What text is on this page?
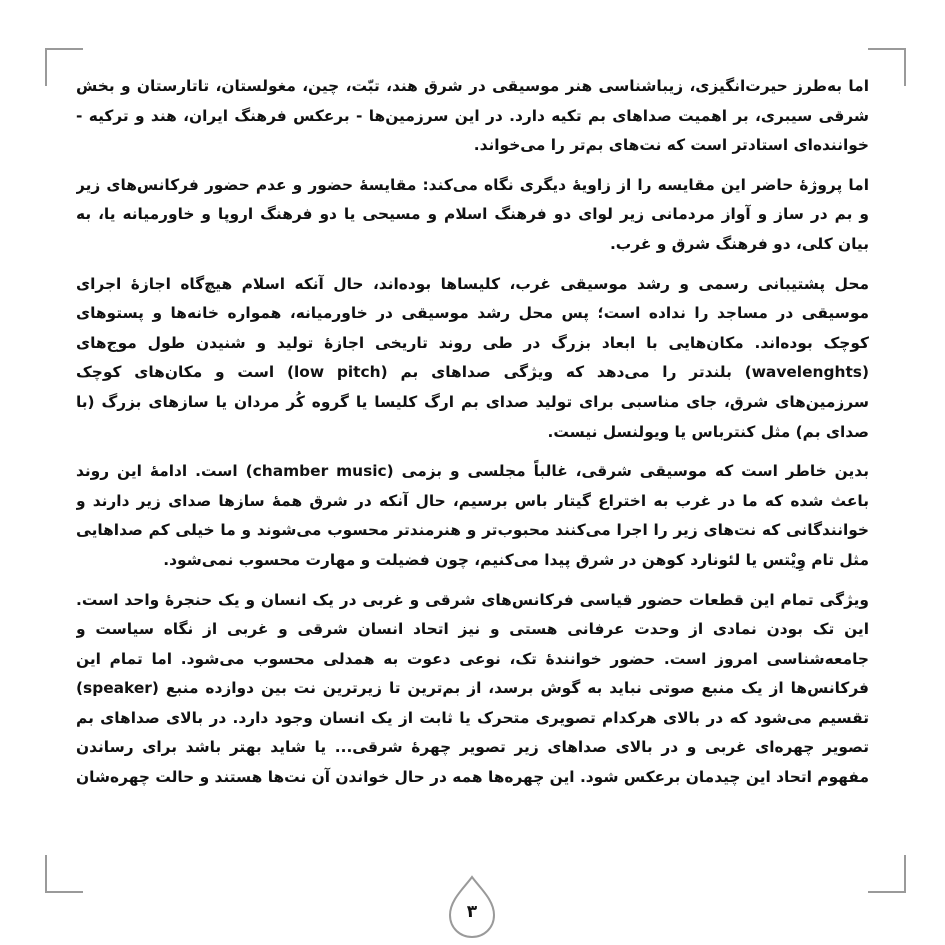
اما به‌طرز حیرت‌انگیزی، زیباشناسی هنر موسیقی در شرق هند، تبّت، چین، مغولستان، تاتارستان و بخش شرقی سیبری، بر اهمیت صداهای بم تکیه دارد. در این سرزمین‌ها - برعکس فرهنگ ایران، هند و ترکیه - خواننده‌ای استادتر است که نت‌های بم‌تر را می‌خواند.

اما پروژهٔ حاضر این مقایسه را از زاویهٔ دیگری نگاه می‌کند: مقایسهٔ حضور و عدم حضور فرکانس‌های زیر و بم در ساز و آواز مردمانی زیر لوای دو فرهنگ اسلام و مسیحی یا دو فرهنگ اروپا و خاورمیانه یا، به بیان کلی، دو فرهنگ شرق و غرب.

محل پشتیبانی رسمی و رشد موسیقی غرب، کلیساها بوده‌اند، حال آنکه اسلام هیچ‌گاه اجازهٔ اجرای موسیقی در مساجد را نداده است؛ پس محل رشد موسیقی در خاورمیانه، همواره خانه‌ها و پستوهای کوچک بوده‌اند. مکان‌هایی با ابعاد بزرگ در طی روند تاریخی اجازهٔ تولید و شنیدن طول موج‌های (wavelenghts) بلندتر را می‌دهد که ویژگی صداهای بم (low pitch) است و مکان‌های کوچک سرزمین‌های شرق، جای مناسبی برای تولید صدای بم ارگ کلیسا یا گروه کُر مردان یا سازهای بزرگ (با صدای بم) مثل کنترباس یا ویولنسل نیست.

بدین خاطر است که موسیقی شرقی، غالباً مجلسی و بزمی (chamber music) است. ادامهٔ این روند باعث شده که ما در غرب به اختراع گیتار باس برسیم، حال آنکه در شرق همهٔ سازها صدای زیر دارند و خوانندگانی که نت‌های زیر را اجرا می‌کنند محبوب‌تر و هنرمندتر محسوب می‌شوند و ما خیلی کم صداهایی مثل تام وِیْتس یا لئونارد کوهن در شرق پیدا می‌کنیم، چون فضیلت و مهارت محسوب نمی‌شود.

ویژگی تمام این قطعات حضور قیاسی فرکانس‌های شرقی و غربی در یک انسان و یک حنجرهٔ واحد است. این تک بودن نمادی از وحدت عرفانی هستی و نیز اتحاد انسان شرقی و غربی از نگاه سیاست و جامعه‌شناسی امروز است. حضور خوانندهٔ تک، نوعی دعوت به همدلی محسوب می‌شود. اما تمام این فرکانس‌ها از یک منبع صوتی نباید به گوش برسد، از بم‌ترین تا زیرترین نت بین دوازده منبع (speaker) تقسیم می‌شود که در بالای هرکدام تصویری متحرک یا ثابت از یک انسان وجود دارد. در بالای صداهای بم تصویر چهره‌ای غربی و در بالای صداهای زیر تصویر چهرهٔ شرقی... یا شاید بهتر باشد برای رساندن مفهوم اتحاد این چیدمان برعکس شود. این چهره‌ها همه در حال خواندن آن نت‌ها هستند و حالت چهره‌شان

۳
